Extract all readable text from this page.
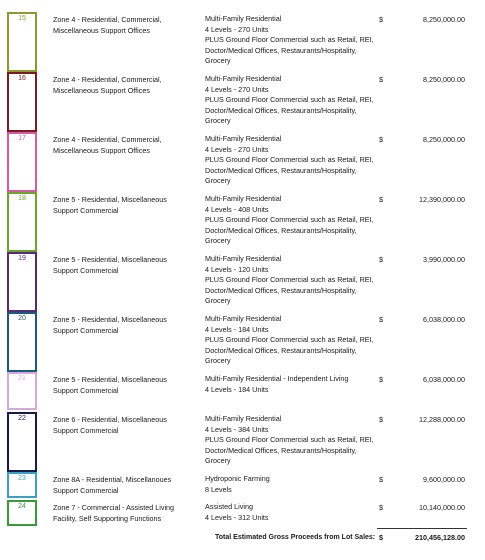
15	Zone 4 - Residential, Commercial, Miscellaneous Support Offices
Multi-Family Residential
4 Levels - 270 Units
PLUS Ground Floor Commercial such as Retail, REI, Doctor/Medical Offices, Restaurants/Hospitality, Grocery
$	8,250,000.00
16	Zone 4 - Residential, Commercial, Miscellaneous Support Offices
Multi-Family Residential
4 Levels - 270 Units
PLUS Ground Floor Commercial such as Retail, REI, Doctor/Medical Offices, Restaurants/Hospitality, Grocery
$	8,250,000.00
17	Zone 4 - Residential, Commercial, Miscellaneous Support Offices
Multi-Family Residential
4 Levels - 270 Units
PLUS Ground Floor Commercial such as Retail, REI, Doctor/Medical Offices, Restaurants/Hospitality, Grocery
$	8,250,000.00
18	Zone 5 - Residential, Miscellaneous Support Commercial
Multi-Family Residential
4 Levels - 408 Units
PLUS Ground Floor Commercial such as Retail, REI, Doctor/Medical Offices, Restaurants/Hospitality, Grocery
$	12,390,000.00
19	Zone 5 - Residential, Miscellaneous Support Commercial
Multi-Family Residential
4 Levels - 120 Units
PLUS Ground Floor Commercial such as Retail, REI, Doctor/Medical Offices, Restaurants/Hospitality, Grocery
$	3,990,000.00
20	Zone 5 - Residential, Miscellaneous Support Commercial
Multi-Family Residential
4 Levels - 184 Units
PLUS Ground Floor Commercial such as Retail, REI, Doctor/Medical Offices, Restaurants/Hospitality, Grocery
$	6,038,000.00
21	Zone 5 - Residential, Miscellaneous Support Commercial
Multi-Family Residential - Independent Living
4 Levels - 184 Units
$	6,038,000.00
22	Zone 6 - Residential, Miscellaneous Support Commercial
Multi-Family Residential
4 Levels - 384 Units
PLUS Ground Floor Commercial such as Retail, REI, Doctor/Medical Offices, Restaurants/Hospitality, Grocery
$	12,288,000.00
23	Zone 8A - Residential, Miscellanoues Support Commercial
Hydroponic Farming
8 Levels
$	9,600,000.00
24	Zone 7 - Commercial - Assisted Living Facility, Self Supporting Functions
Assisted Living
4 Levels - 312 Units
$	10,140,000.00
Total Estimated Gross Proceeds from Lot Sales: $	210,456,128.00
